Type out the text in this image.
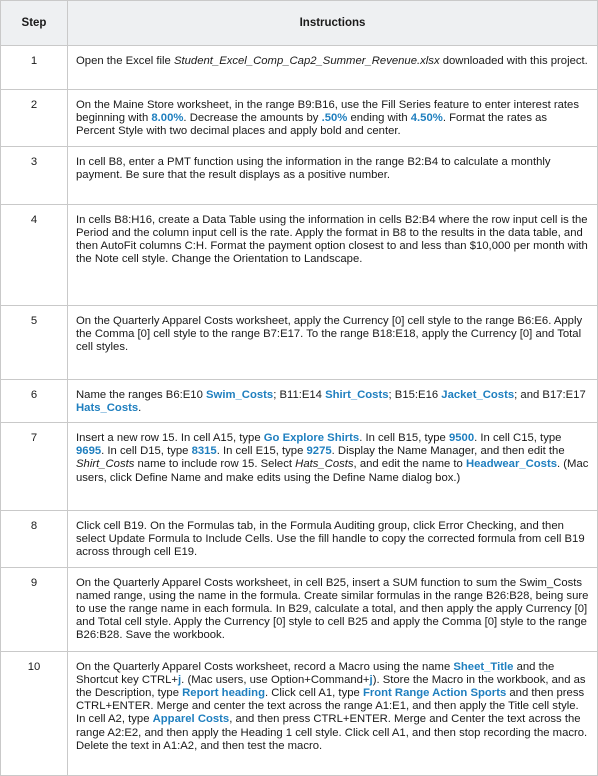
Step	Instructions
1	Open the Excel file Student_Excel_Comp_Cap2_Summer_Revenue.xlsx downloaded with this project.
2	On the Maine Store worksheet, in the range B9:B16, use the Fill Series feature to enter interest rates beginning with 8.00%. Decrease the amounts by .50% ending with 4.50%. Format the rates as Percent Style with two decimal places and apply bold and center.
3	In cell B8, enter a PMT function using the information in the range B2:B4 to calculate a monthly payment. Be sure that the result displays as a positive number.
4	In cells B8:H16, create a Data Table using the information in cells B2:B4 where the row input cell is the Period and the column input cell is the rate. Apply the format in B8 to the results in the data table, and then AutoFit columns C:H. Format the payment option closest to and less than $10,000 per month with the Note cell style. Change the Orientation to Landscape.
5	On the Quarterly Apparel Costs worksheet, apply the Currency [0] cell style to the range B6:E6. Apply the Comma [0] cell style to the range B7:E17. To the range B18:E18, apply the Currency [0] and Total cell styles.
6	Name the ranges B6:E10 Swim_Costs; B11:E14 Shirt_Costs; B15:E16 Jacket_Costs; and B17:E17 Hats_Costs.
7	Insert a new row 15. In cell A15, type Go Explore Shirts. In cell B15, type 9500. In cell C15, type 9695. In cell D15, type 8315. In cell E15, type 9275. Display the Name Manager, and then edit the Shirt_Costs name to include row 15. Select Hats_Costs, and edit the name to Headwear_Costs. (Mac users, click Define Name and make edits using the Define Name dialog box.)
8	Click cell B19. On the Formulas tab, in the Formula Auditing group, click Error Checking, and then select Update Formula to Include Cells. Use the fill handle to copy the corrected formula from cell B19 across through cell E19.
9	On the Quarterly Apparel Costs worksheet, in cell B25, insert a SUM function to sum the Swim_Costs named range, using the name in the formula. Create similar formulas in the range B26:B28, being sure to use the range name in each formula. In B29, calculate a total, and then apply the apply Currency [0] and Total cell style. Apply the Currency [0] style to cell B25 and apply the Comma [0] style to the range B26:B28. Save the workbook.
10	On the Quarterly Apparel Costs worksheet, record a Macro using the name Sheet_Title and the Shortcut key CTRL+j. (Mac users, use Option+Command+j). Store the Macro in the workbook, and as the Description, type Report heading. Click cell A1, type Front Range Action Sports and then press CTRL+ENTER. Merge and center the text across the range A1:E1, and then apply the Title cell style. In cell A2, type Apparel Costs, and then press CTRL+ENTER. Merge and Center the text across the range A2:E2, and then apply the Heading 1 cell style. Click cell A1, and then stop recording the macro. Delete the text in A1:A2, and then test the macro.
